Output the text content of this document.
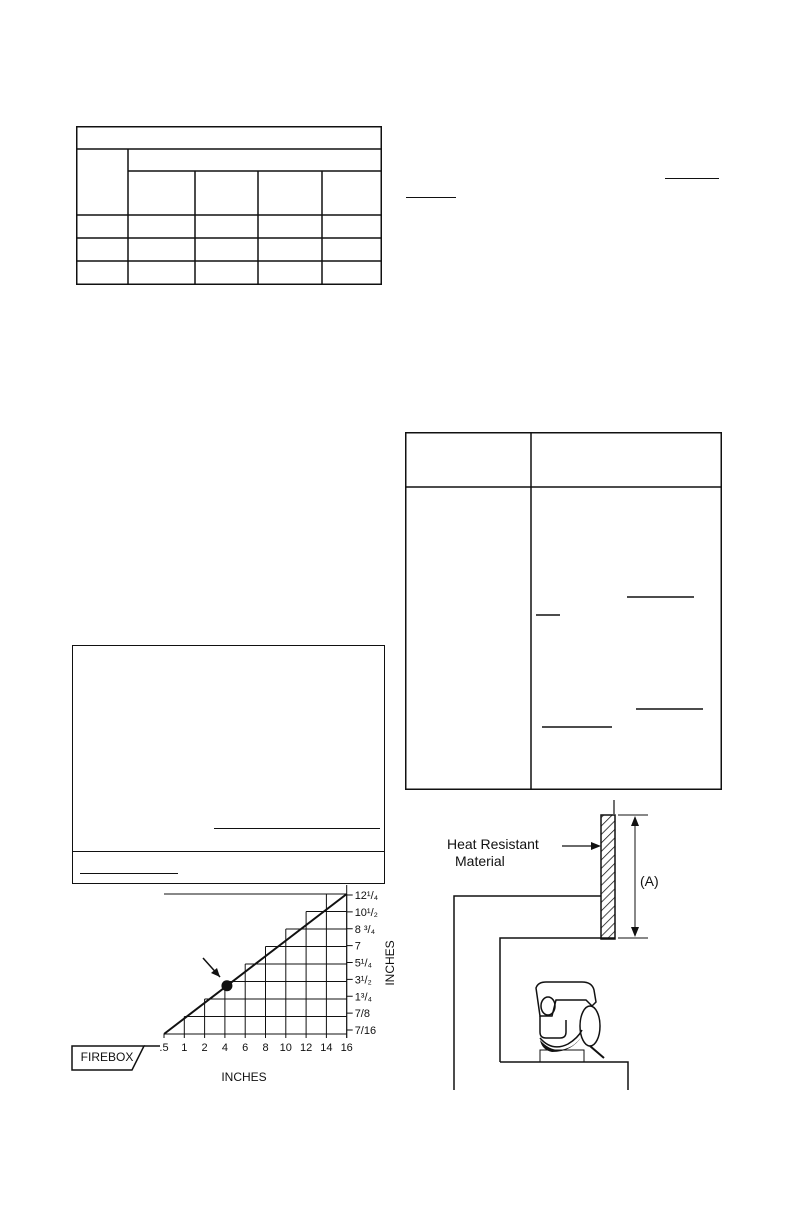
FIREBOX
.5 1 2 4 6 8 10 12 14 16
12¹/₄
10¹/₂
8 ³/₄
7
5¹/₄
3¹/₂
1³/₄
7/8
7/16
INCHES
INCHES
(A)
Heat Resistant
Material
